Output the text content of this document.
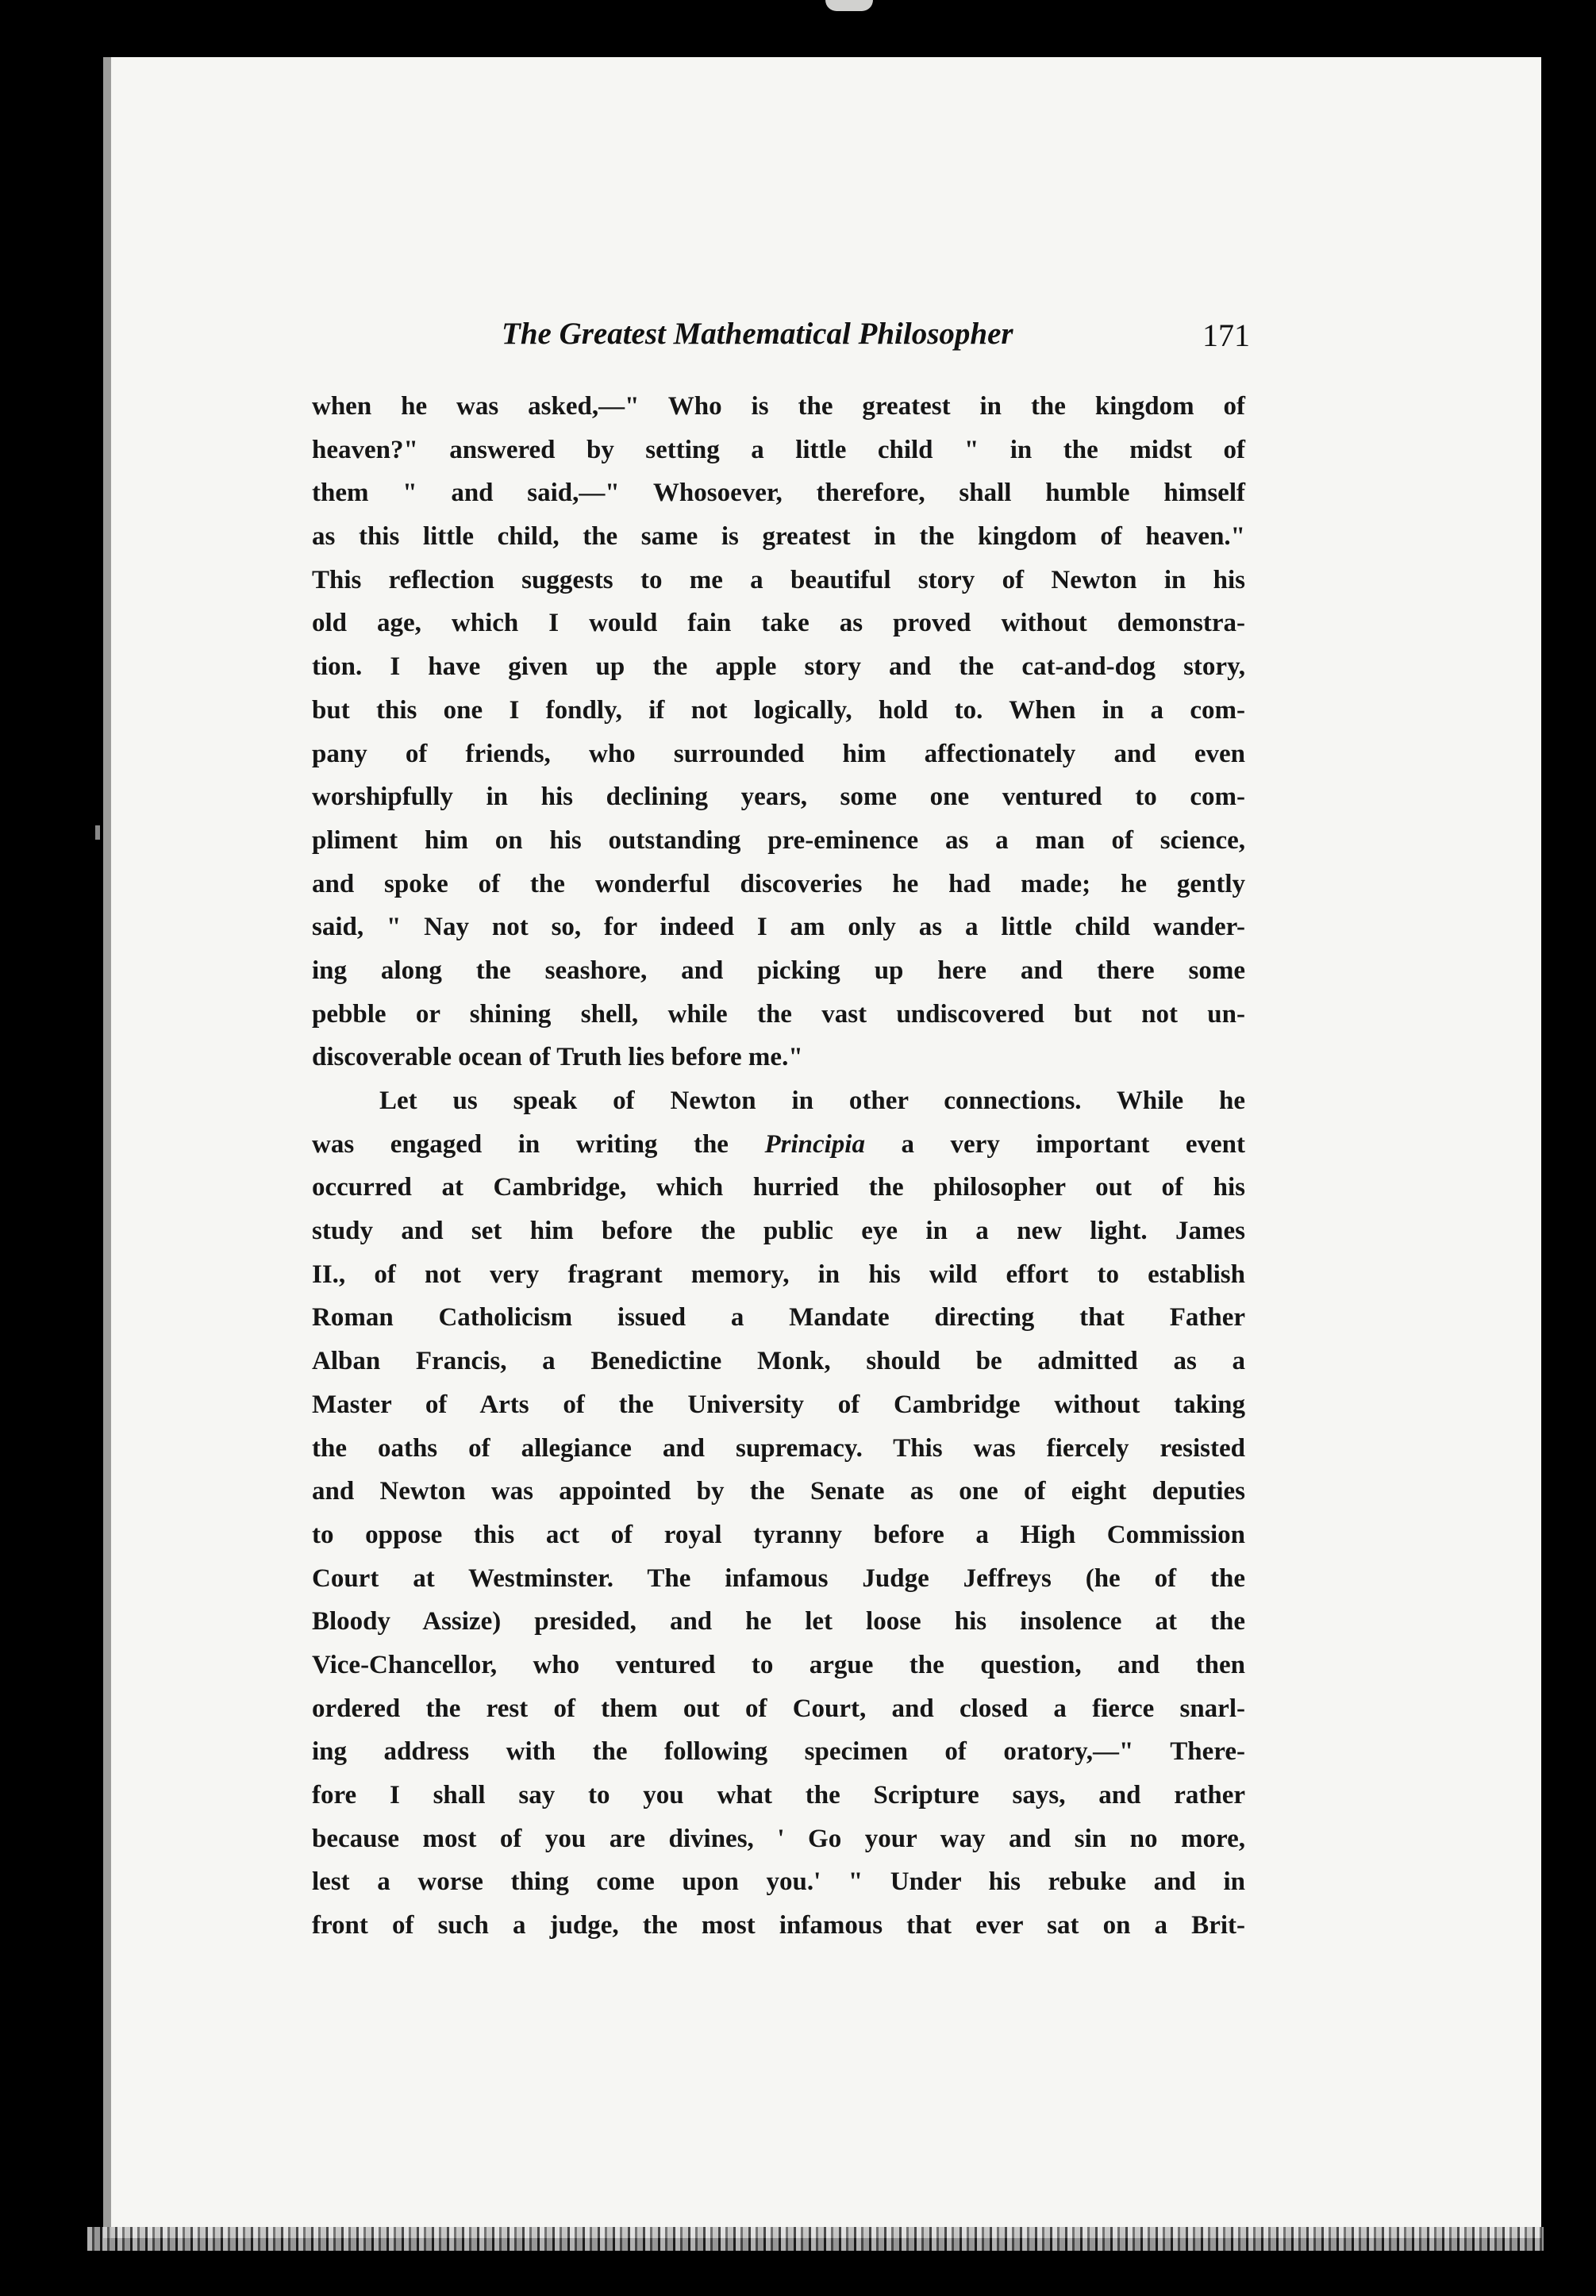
The Greatest Mathematical Philosopher	171
when he was asked,—" Who is the greatest in the kingdom of
heaven?" answered by setting a little child " in the midst of
them " and said,—" Whosoever, therefore, shall humble himself
as this little child, the same is greatest in the kingdom of heaven."
This reflection suggests to me a beautiful story of Newton in his
old age, which I would fain take as proved without demonstra-
tion. I have given up the apple story and the cat-and-dog story,
but this one I fondly, if not logically, hold to. When in a com-
pany of friends, who surrounded him affectionately and even
worshipfully in his declining years, some one ventured to com-
pliment him on his outstanding pre-eminence as a man of science,
and spoke of the wonderful discoveries he had made; he gently
said, " Nay not so, for indeed I am only as a little child wander-
ing along the seashore, and picking up here and there some
pebble or shining shell, while the vast undiscovered but not un-
discoverable ocean of Truth lies before me."
Let us speak of Newton in other connections. While he
was engaged in writing the Principia a very important event
occurred at Cambridge, which hurried the philosopher out of his
study and set him before the public eye in a new light. James
II., of not very fragrant memory, in his wild effort to establish
Roman Catholicism issued a Mandate directing that Father
Alban Francis, a Benedictine Monk, should be admitted as a
Master of Arts of the University of Cambridge without taking
the oaths of allegiance and supremacy. This was fiercely resisted
and Newton was appointed by the Senate as one of eight deputies
to oppose this act of royal tyranny before a High Commission
Court at Westminster. The infamous Judge Jeffreys (he of the
Bloody Assize) presided, and he let loose his insolence at the
Vice-Chancellor, who ventured to argue the question, and then
ordered the rest of them out of Court, and closed a fierce snarl-
ing address with the following specimen of oratory,—" There-
fore I shall say to you what the Scripture says, and rather
because most of you are divines, ' Go your way and sin no more,
lest a worse thing come upon you.' " Under his rebuke and in
front of such a judge, the most infamous that ever sat on a Brit-
